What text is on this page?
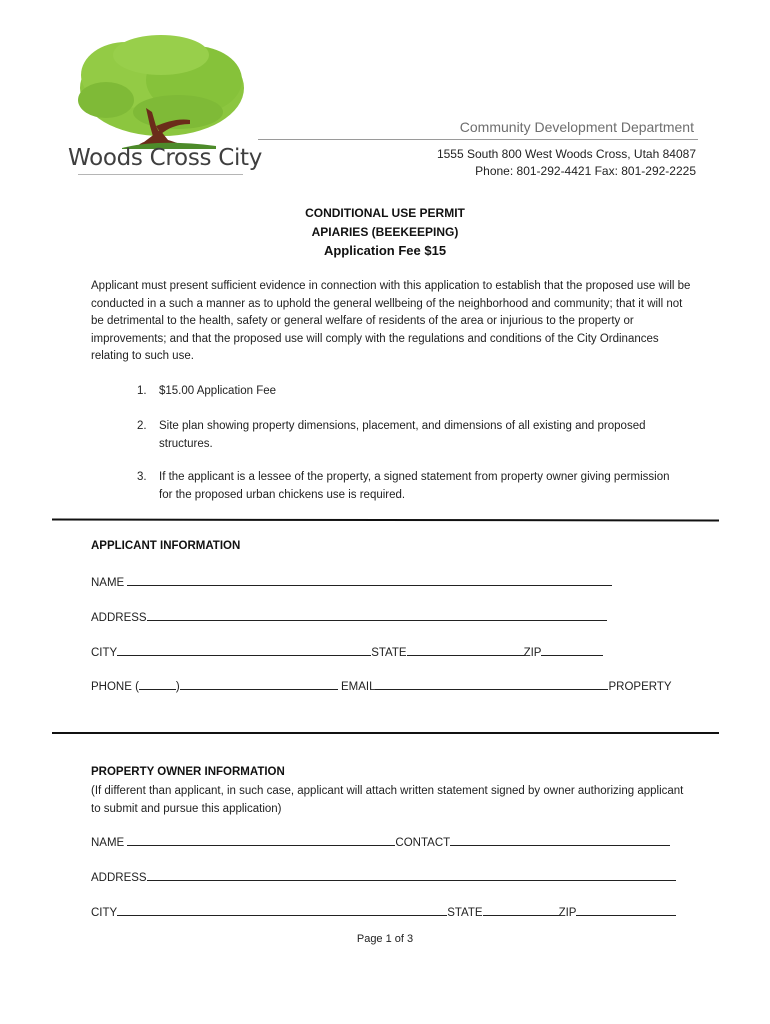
Woods Cross City
Community Development Department
1555 South 800 West Woods Cross, Utah 84087
Phone: 801-292-4421 Fax: 801-292-2225
CONDITIONAL USE PERMIT
APIARIES (BEEKEEPING)
Application Fee $15
Applicant must present sufficient evidence in connection with this application to establish that the proposed use will be conducted in a such a manner as to uphold the general wellbeing of the neighborhood and community; that it will not be detrimental to the health, safety or general welfare of residents of the area or injurious to the property or improvements; and that the proposed use will comply with the regulations and conditions of the City Ordinances relating to such use.
1.	$15.00 Application Fee
2.	Site plan showing property dimensions, placement, and dimensions of all existing and proposed structures.
3.	If the applicant is a lessee of the property, a signed statement from property owner giving permission for the proposed urban chickens use is required.
APPLICANT INFORMATION
NAME
ADDRESS
CITY	STATE	ZIP
PHONE (	)	EMAIL	PROPERTY
PROPERTY OWNER INFORMATION
(If different than applicant, in such case, applicant will attach written statement signed by owner authorizing applicant to submit and pursue this application)
NAME	CONTACT
ADDRESS
CITY	STATE	ZIP
Page 1 of 3
